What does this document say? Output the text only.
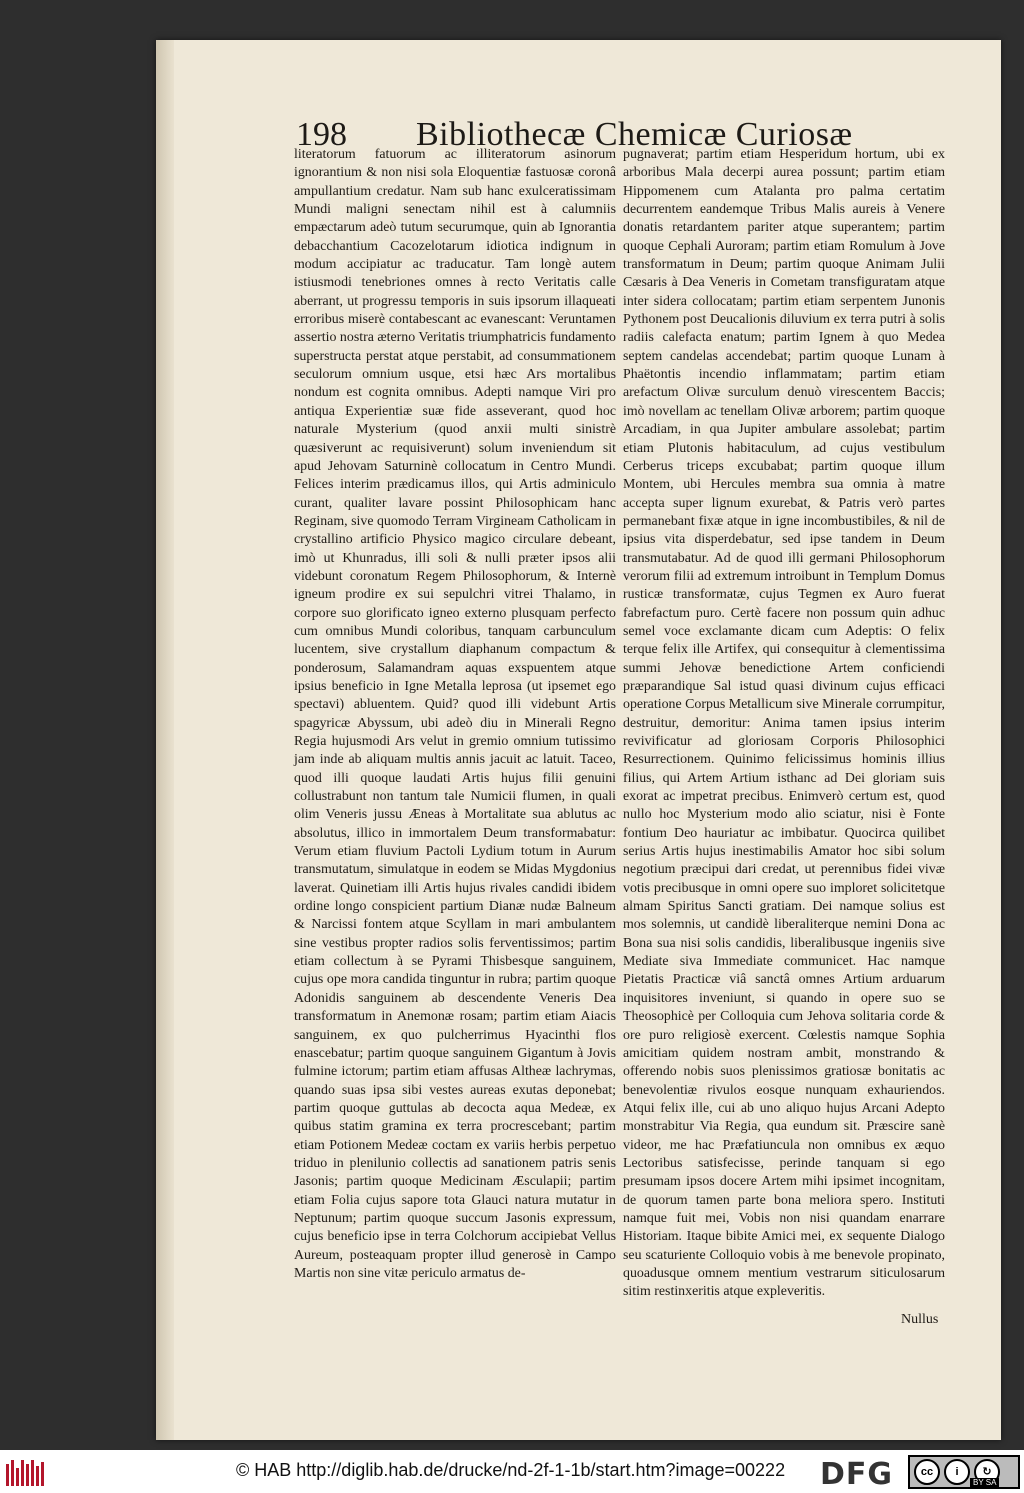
198	Bibliothecæ Chemicæ Curiosæ

literatorum fatuorum ac illiteratorum asinorum ignorantium & non nisi sola Eloquentiæ fastuosæ coronâ ampullantium credatur. Nam sub hanc exulceratissimam Mundi maligni senectam nihil est à calumniis empæctarum adeò tutum securumque, quin ab Ignorantia debacchantium Cacozelotarum idiotica indignum in modum accipiatur ac traducatur. Tam longè autem istiusmodi tenebriones omnes à recto Veritatis calle aberrant, ut progressu temporis in suis ipsorum illaqueati erroribus miserè contabescant ac evanescant: Veruntamen assertio nostra æterno Veritatis triumphatricis fundamento superstructa perstat atque perstabit, ad consummationem seculorum omnium usque, etsi hæc Ars mortalibus nondum est cognita omnibus. Adepti namque Viri pro antiqua Experientiæ suæ fide asseverant, quod hoc naturale Mysterium (quod anxii multi sinistrè quæsiverunt ac requisiverunt) solum inveniendum sit apud Jehovam Saturninè collocatum in Centro Mundi. Felices interim prædicamus illos, qui Artis adminiculo curant, qualiter lavare possint Philosophicam hanc Reginam, sive quomodo Terram Virgineam Catholicam in crystallino artificio Physico magico circulare debeant, imò ut Khunradus, illi soli & nulli præter ipsos alii videbunt coronatum Regem Philosophorum, & Internè igneum prodire ex sui sepulchri vitrei Thalamo, in corpore suo glorificato igneo externo plusquam perfecto cum omnibus Mundi coloribus, tanquam carbunculum lucentem, sive crystallum diaphanum compactum & ponderosum, Salamandram aquas exspuentem atque ipsius beneficio in Igne Metalla leprosa (ut ipsemet ego spectavi) abluentem. Quid? quod illi videbunt Artis spagyricæ Abyssum, ubi adeò diu in Minerali Regno Regia hujusmodi Ars velut in gremio omnium tutissimo jam inde ab aliquam multis annis jacuit ac latuit. Taceo, quod illi quoque laudati Artis hujus filii genuini collustrabunt non tantum tale Numicii flumen, in quali olim Veneris jussu Æneas à Mortalitate sua ablutus ac absolutus, illico in immortalem Deum transformabatur: Verum etiam fluvium Pactoli Lydium totum in Aurum transmutatum, simulatque in eodem se Midas Mygdonius laverat. Quinetiam illi Artis hujus rivales candidi ibidem ordine longo conspicient partium Dianæ nudæ Balneum & Narcissi fontem atque Scyllam in mari ambulantem sine vestibus propter radios solis ferventissimos; partim etiam collectum à se Pyrami Thisbesque sanguinem, cujus ope mora candida tinguntur in rubra; partim quoque Adonidis sanguinem ab descendente Veneris Dea transformatum in Anemonæ rosam; partim etiam Aiacis sanguinem, ex quo pulcherrimus Hyacinthi flos enascebatur; partim quoque sanguinem Gigantum à Jovis fulmine ictorum; partim etiam affusas Altheæ lachrymas, quando suas ipsa sibi vestes aureas exutas deponebat; partim quoque guttulas ab decocta aqua Medeæ, ex quibus statim gramina ex terra procrescebant; partim etiam Potionem Medeæ coctam ex variis herbis perpetuo triduo in plenilunio collectis ad sanationem patris senis Jasonis; partim quoque Medicinam Æsculapii; partim etiam Folia cujus sapore tota Glauci natura mutatur in Neptunum; partim quoque succum Jasonis expressum, cujus beneficio ipse in terra Colchorum accipiebat Vellus Aureum, posteaquam propter illud generosè in Campo Martis non sine vitæ periculo armatus de-

pugnaverat; partim etiam Hesperidum hortum, ubi ex arboribus Mala decerpi aurea possunt; partim etiam Hippomenem cum Atalanta pro palma certatim decurrentem eandemque Tribus Malis aureis à Venere donatis retardantem pariter atque superantem; partim quoque Cephali Auroram; partim etiam Romulum à Jove transformatum in Deum; partim quoque Animam Julii Cæsaris à Dea Veneris in Cometam transfiguratam atque inter sidera collocatam; partim etiam serpentem Junonis Pythonem post Deucalionis diluvium ex terra putri à solis radiis calefacta enatum; partim Ignem à quo Medea septem candelas accendebat; partim quoque Lunam à Phaëtontis incendio inflammatam; partim etiam arefactum Olivæ surculum denuò virescentem Baccis; imò novellam ac tenellam Olivæ arborem; partim quoque Arcadiam, in qua Jupiter ambulare assolebat; partim etiam Plutonis habitaculum, ad cujus vestibulum Cerberus triceps excubabat; partim quoque illum Montem, ubi Hercules membra sua omnia à matre accepta super lignum exurebat, & Patris verò partes permanebant fixæ atque in igne incombustibiles, & nil de ipsius vita disperdebatur, sed ipse tandem in Deum transmutabatur. Ad de quod illi germani Philosophorum verorum filii ad extremum introibunt in Templum Domus rusticæ transformatæ, cujus Tegmen ex Auro fuerat fabrefactum puro. Certè facere non possum quin adhuc semel voce exclamante dicam cum Adeptis: O felix terque felix ille Artifex, qui consequitur à clementissima summi Jehovæ benedictione Artem conficiendi præparandique Sal istud quasi divinum cujus efficaci operatione Corpus Metallicum sive Minerale corrumpitur, destruitur, demoritur: Anima tamen ipsius interim revivificatur ad gloriosam Corporis Philosophici Resurrectionem. Quinimo felicissimus hominis illius filius, qui Artem Artium isthanc ad Dei gloriam suis exorat ac impetrat precibus. Enimverò certum est, quod nullo hoc Mysterium modo alio sciatur, nisi è Fonte fontium Deo hauriatur ac imbibatur. Quocirca quilibet serius Artis hujus inestimabilis Amator hoc sibi solum negotium præcipui dari credat, ut perennibus fidei vivæ votis precibusque in omni opere suo imploret solicitetque almam Spiritus Sancti gratiam. Dei namque solius est mos solemnis, ut candidè liberaliterque nemini Dona ac Bona sua nisi solis candidis, liberalibusque ingeniis sive Mediate siva Immediate communicet. Hac namque Pietatis Practicæ viâ sanctâ omnes Artium arduarum inquisitores inveniunt, si quando in opere suo se Theosophicè per Colloquia cum Jehova solitaria corde & ore puro religiosè exercent. Cœlestis namque Sophia amicitiam quidem nostram ambit, monstrando & offerendo nobis suos plenissimos gratiosæ bonitatis ac benevolentiæ rivulos eosque nunquam exhauriendos. Atqui felix ille, cui ab uno aliquo hujus Arcani Adepto monstrabitur Via Regia, qua eundum sit. Præscire sanè videor, me hac Præfatiuncula non omnibus ex æquo Lectoribus satisfecisse, perinde tanquam si ego presumam ipsos docere Artem mihi ipsimet incognitam, de quorum tamen parte bona meliora spero. Instituti namque fuit mei, Vobis non nisi quandam enarrare Historiam. Itaque bibite Amici mei, ex sequente Dialogo seu scaturiente Colloquio vobis à me benevole propinato, quoadusque omnem mentium vestrarum siticulosarum sitim restinxeritis atque expleveritis.

Nullus
© HAB http://diglib.hab.de/drucke/nd-2f-1-1b/start.htm?image=00222 DFG	cc	i	↻
BY SA
